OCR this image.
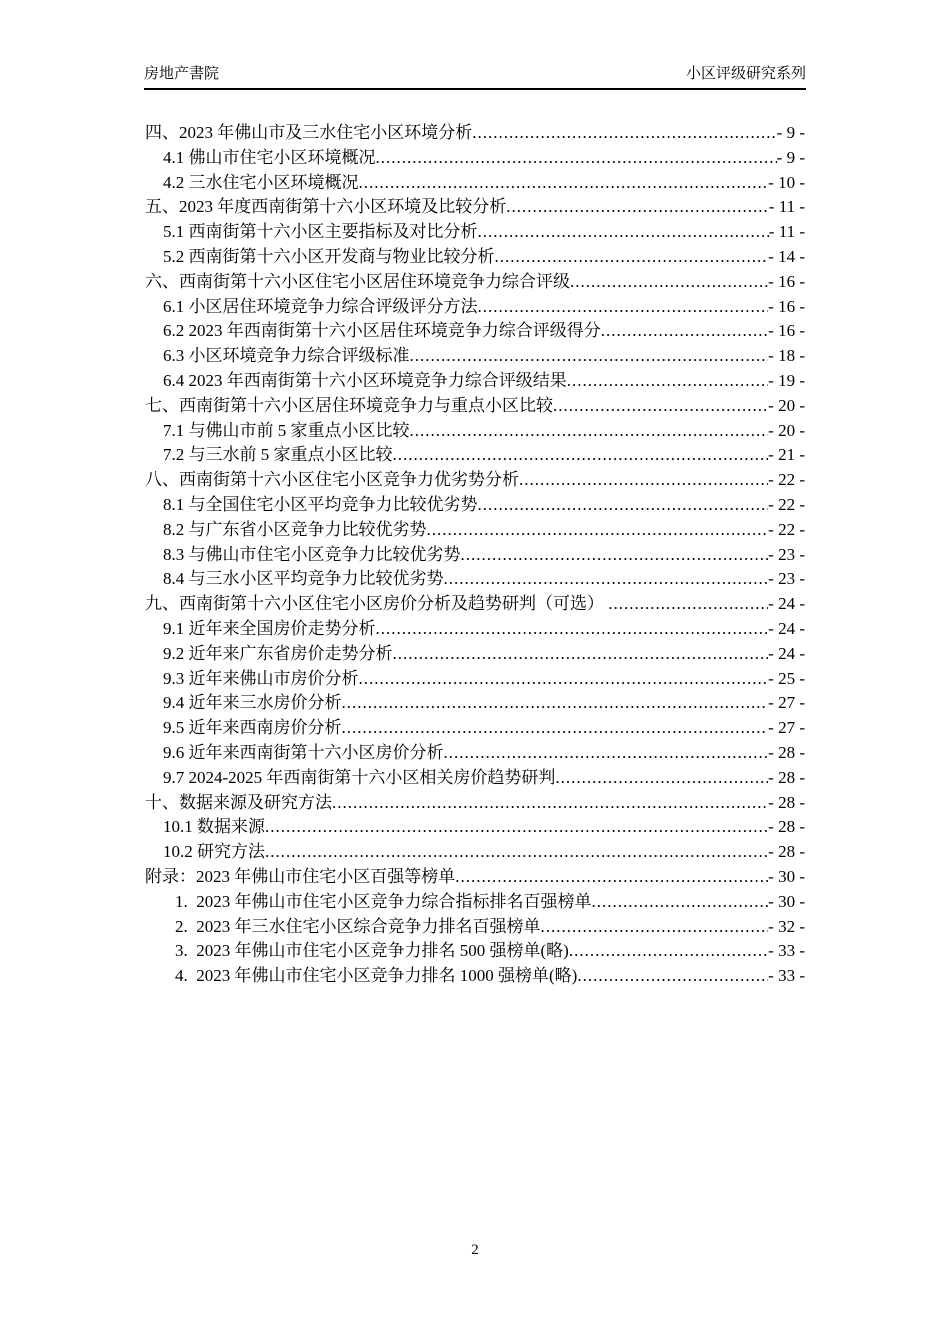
房地产書院	小区评级研究系列
四、2023 年佛山市及三水住宅小区环境分析 .....	- 9 -
4.1 佛山市住宅小区环境概况 .....	- 9 -
4.2 三水住宅小区环境概况 .....	- 10 -
五、2023 年度西南街第十六小区环境及比较分析 .....	- 11 -
5.1 西南街第十六小区主要指标及对比分析 .....	- 11 -
5.2 西南街第十六小区开发商与物业比较分析 .....	- 14 -
六、西南街第十六小区住宅小区居住环境竞争力综合评级 .....	- 16 -
6.1 小区居住环境竞争力综合评级评分方法 .....	- 16 -
6.2 2023 年西南街第十六小区居住环境竞争力综合评级得分 .....	- 16 -
6.3 小区环境竞争力综合评级标准 .....	- 18 -
6.4 2023 年西南街第十六小区环境竞争力综合评级结果 .....	- 19 -
七、西南街第十六小区居住环境竞争力与重点小区比较 .....	- 20 -
7.1 与佛山市前 5 家重点小区比较 .....	- 20 -
7.2 与三水前 5 家重点小区比较 .....	- 21 -
八、西南街第十六小区住宅小区竞争力优劣势分析 .....	- 22 -
8.1 与全国住宅小区平均竞争力比较优劣势 .....	- 22 -
8.2 与广东省小区竞争力比较优劣势 .....	- 22 -
8.3 与佛山市住宅小区竞争力比较优劣势 .....	- 23 -
8.4 与三水小区平均竞争力比较优劣势 .....	- 23 -
九、西南街第十六小区住宅小区房价分析及趋势研判（可选） .....	- 24 -
9.1 近年来全国房价走势分析 .....	- 24 -
9.2 近年来广东省房价走势分析 .....	- 24 -
9.3 近年来佛山市房价分析 .....	- 25 -
9.4 近年来三水房价分析 .....	- 27 -
9.5 近年来西南房价分析 .....	- 27 -
9.6 近年来西南街第十六小区房价分析 .....	- 28 -
9.7 2024-2025 年西南街第十六小区相关房价趋势研判 .....	- 28 -
十、数据来源及研究方法 .....	- 28 -
10.1 数据来源 .....	- 28 -
10.2 研究方法 .....	- 28 -
附录：2023 年佛山市住宅小区百强等榜单 .....	- 30 -
1.  2023 年佛山市住宅小区竞争力综合指标排名百强榜单 .....	- 30 -
2.  2023 年三水住宅小区综合竞争力排名百强榜单 .....	- 32 -
3.  2023 年佛山市住宅小区竞争力排名 500 强榜单(略) .....	- 33 -
4.  2023 年佛山市住宅小区竞争力排名 1000 强榜单(略) .....	- 33 -
2
